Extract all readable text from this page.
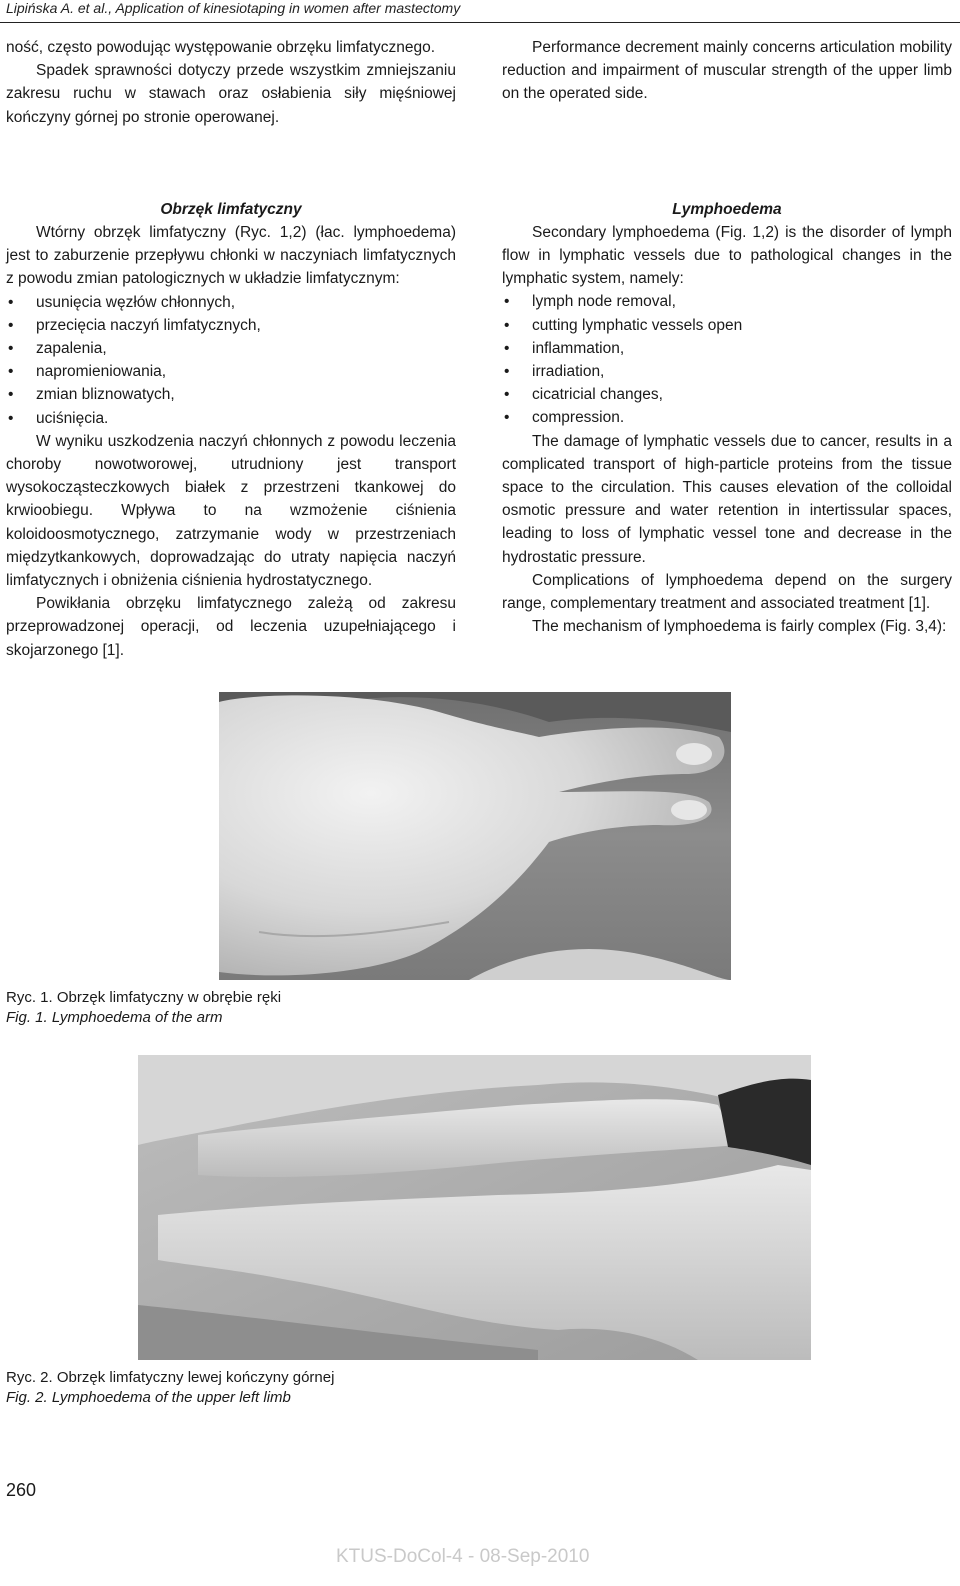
Lipińska A. et al., Application of kinesiotaping in women after mastectomy

ność, często powodując występowanie obrzęku limfatycznego.

Spadek sprawności dotyczy przede wszystkim zmniejszaniu zakresu ruchu w stawach oraz osłabienia siły mięśniowej kończyny górnej po stronie operowanej.

Obrzęk limfatyczny

Wtórny obrzęk limfatyczny (Ryc. 1,2) (łac. lymphoedema) jest to zaburzenie przepływu chłonki w naczyniach limfatycznych z powodu zmian patologicznych w układzie limfatycznym:

• usunięcia węzłów chłonnych,
• przecięcia naczyń limfatycznych,
• zapalenia,
• napromieniowania,
• zmian bliznowatych,
• uciśnięcia.

W wyniku uszkodzenia naczyń chłonnych z powodu leczenia choroby nowotworowej, utrudniony jest transport wysokocząsteczkowych białek z przestrzeni tkankowej do krwioobiegu. Wpływa to na wzmożenie ciśnienia koloidoosmotycznego, zatrzymanie wody w przestrzeniach międzytkankowych, doprowadzając do utraty napięcia naczyń limfatycznych i obniżenia ciśnienia hydrostatycznego.

Powikłania obrzęku limfatycznego zależą od zakresu przeprowadzonej operacji, od leczenia uzupełniającego i skojarzonego [1].

Performance decrement mainly concerns articulation mobility reduction and impairment of muscular strength of the upper limb on the operated side.

Lymphoedema

Secondary lymphoedema (Fig. 1,2) is the disorder of lymph flow in lymphatic vessels due to pathological changes in the lymphatic system, namely:

• lymph node removal,
• cutting lymphatic vessels open
• inflammation,
• irradiation,
• cicatricial changes,
• compression.

The damage of lymphatic vessels due to cancer, results in a complicated transport of high-particle proteins from the tissue space to the circulation. This causes elevation of the colloidal osmotic pressure and water retention in intertissular spaces, leading to loss of lymphatic vessel tone and decrease in the hydrostatic pressure.

Complications of lymphoedema depend on the surgery range, complementary treatment and associated treatment [1].

The mechanism of lymphoedema is fairly complex (Fig. 3,4):

Ryc. 1. Obrzęk limfatyczny w obrębie ręki
Fig. 1. Lymphoedema of the arm
Ryc. 2. Obrzęk limfatyczny lewej kończyny górnej
Fig. 2. Lymphoedema of the upper left limb
260
KTUS-DoCol-4 - 08-Sep-2010
